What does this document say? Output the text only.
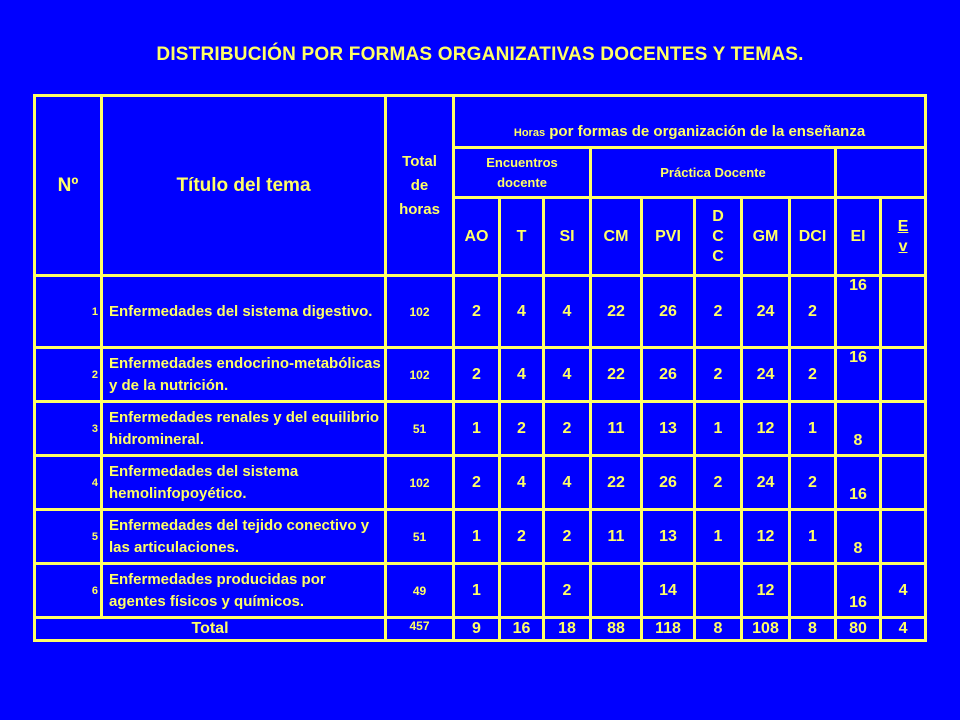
DISTRIBUCIÓN POR FORMAS ORGANIZATIVAS DOCENTES Y TEMAS.
Nº	Título del tema	Total de horas	Horas por formas de organización de la enseñanza									
			Encuentros docente			Práctica Docente						
			AO	T	SI	CM	PVI	DCC	GM	DCI	EI	Ev
1	Enfermedades del sistema digestivo.	102	2	4	4	22	26	2	24	2	16	
2	Enfermedades endocrino-metabólicas y de la nutrición.	102	2	4	4	22	26	2	24	2	16	
3	Enfermedades renales y del equilibrio hidromineral.	51	1	2	2	11	13	1	12	1	8	
4	Enfermedades del sistema hemolinfopoyético.	102	2	4	4	22	26	2	24	2	16	
5	Enfermedades del tejido conectivo y las articulaciones.	51	1	2	2	11	13	1	12	1	8	
6	Enfermedades producidas por agentes físicos y químicos.	49	1		2		14		12		16	4
Total		457	9	16	18	88	118	8	108	8	80	4
